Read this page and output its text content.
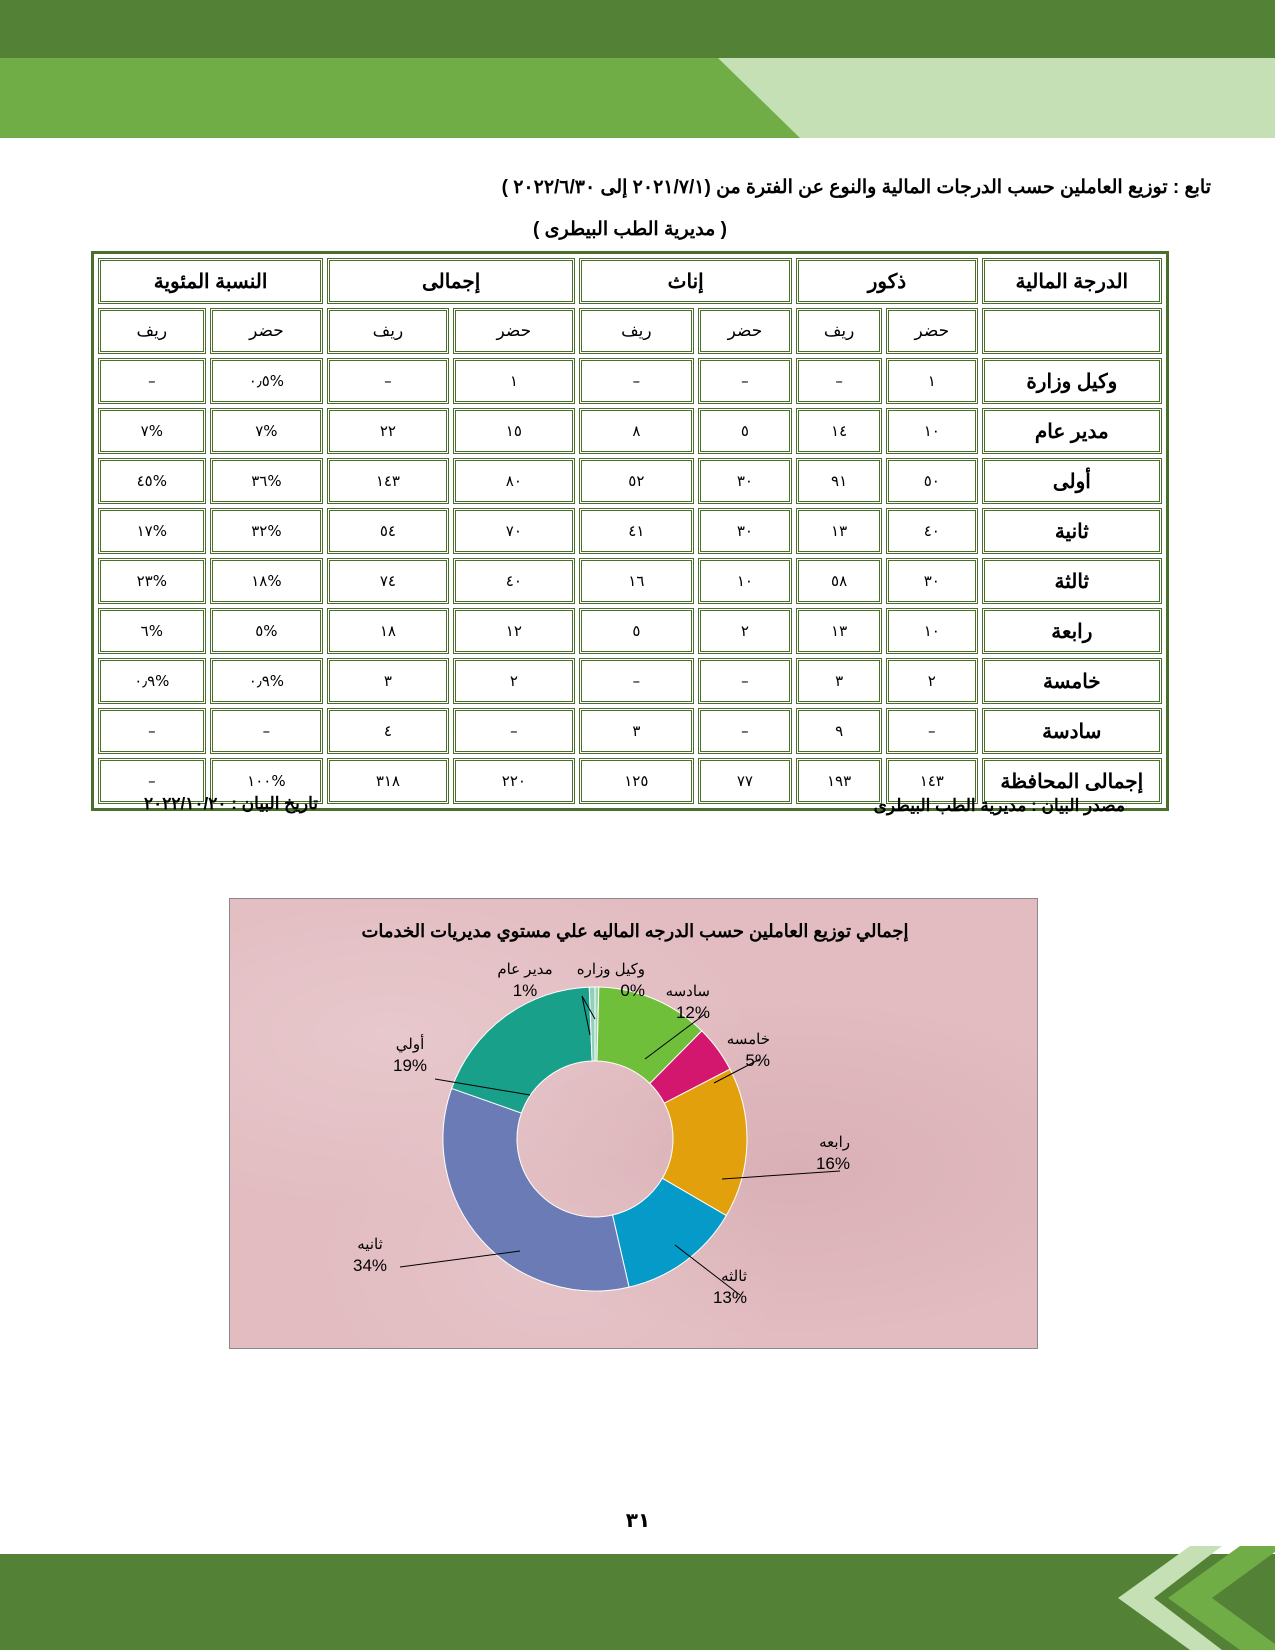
تابع : توزيع العاملين حسب الدرجات المالية والنوع عن الفترة من (٢٠٢١/٧/١ إلى ٢٠٢٢/٦/٣٠ )
( مديرية الطب البيطرى )
الدرجة المالية	ذكور		إناث		إجمالى		النسبة المئوية	
	حضر	ريف	حضر	ريف	حضر	ريف	حضر	ريف
وكيل وزارة	١	–	–	–	١	–	%٠٫٥	–
مدير عام	١٠	١٤	٥	٨	١٥	٢٢	%٧	%٧
أولى	٥٠	٩١	٣٠	٥٢	٨٠	١٤٣	%٣٦	%٤٥
ثانية	٤٠	١٣	٣٠	٤١	٧٠	٥٤	%٣٢	%١٧
ثالثة	٣٠	٥٨	١٠	١٦	٤٠	٧٤	%١٨	%٢٣
رابعة	١٠	١٣	٢	٥	١٢	١٨	%٥	%٦
خامسة	٢	٣	–	–	٢	٣	%٠٫٩	%٠٫٩
سادسة	–	٩	–	٣	–	٤	–	–
إجمالى المحافظة	١٤٣	١٩٣	٧٧	١٢٥	٢٢٠	٣١٨	%١٠٠	–
مصدر البيان : مديرية الطب البيطرى
تاريخ البيان : ٢٠٢٢/١٠/٢٠
إجمالي توزيع العاملين حسب الدرجه الماليه علي مستوي مديريات الخدمات
وكيل وزاره
0% سادسه
12%
خامسه
5%
رابعه
16%
ثالثه
13%
ثانيه
34%
أولي
19%
مدير عام
1%
٣١
